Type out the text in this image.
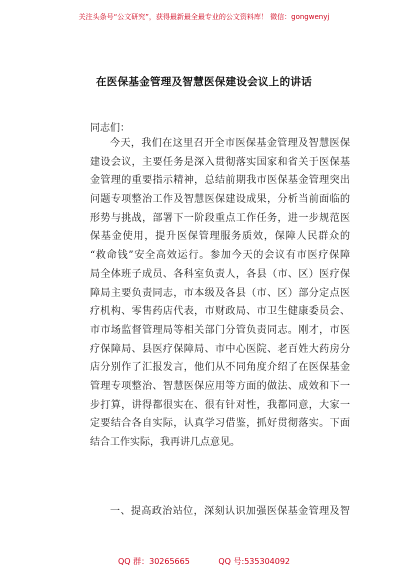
关注头条号“公文研究”，获得最新最全最专业的公文资料库！ 微信：gongwenyj
在医保基金管理及智慧医保建设会议上的讲话
同志们：
今天，我们在这里召开全市医保基金管理及智慧医保
建设会议，主要任务是深入贯彻落实国家和省关于医保基
金管理的重要指示精神，总结前期我市医保基金管理突出
问题专项整治工作及智慧医保建设成果，分析当前面临的
形势与挑战，部署下一阶段重点工作任务，进一步规范医
保基金使用，提升医保管理服务质效，保障人民群众的
“救命钱”安全高效运行。参加今天的会议有市医疗保障
局全体班子成员、各科室负责人，各县（市、区）医疗保
障局主要负责同志，市本级及各县（市、区）部分定点医
疗机构、零售药店代表，市财政局、市卫生健康委员会、
市市场监督管理局等相关部门分管负责同志。刚才，市医
疗保障局、县医疗保障局、市中心医院、老百姓大药房分
店分别作了汇报发言，他们从不同角度介绍了在医保基金
管理专项整治、智慧医保应用等方面的做法、成效和下一
步打算，讲得都很实在、很有针对性，我都同意，大家一
定要结合各自实际，认真学习借鉴，抓好贯彻落实。下面
结合工作实际，我再讲几点意见。
一、提高政治站位，深刻认识加强医保基金管理及智
QQ 群：30265665	QQ 号:535304092
